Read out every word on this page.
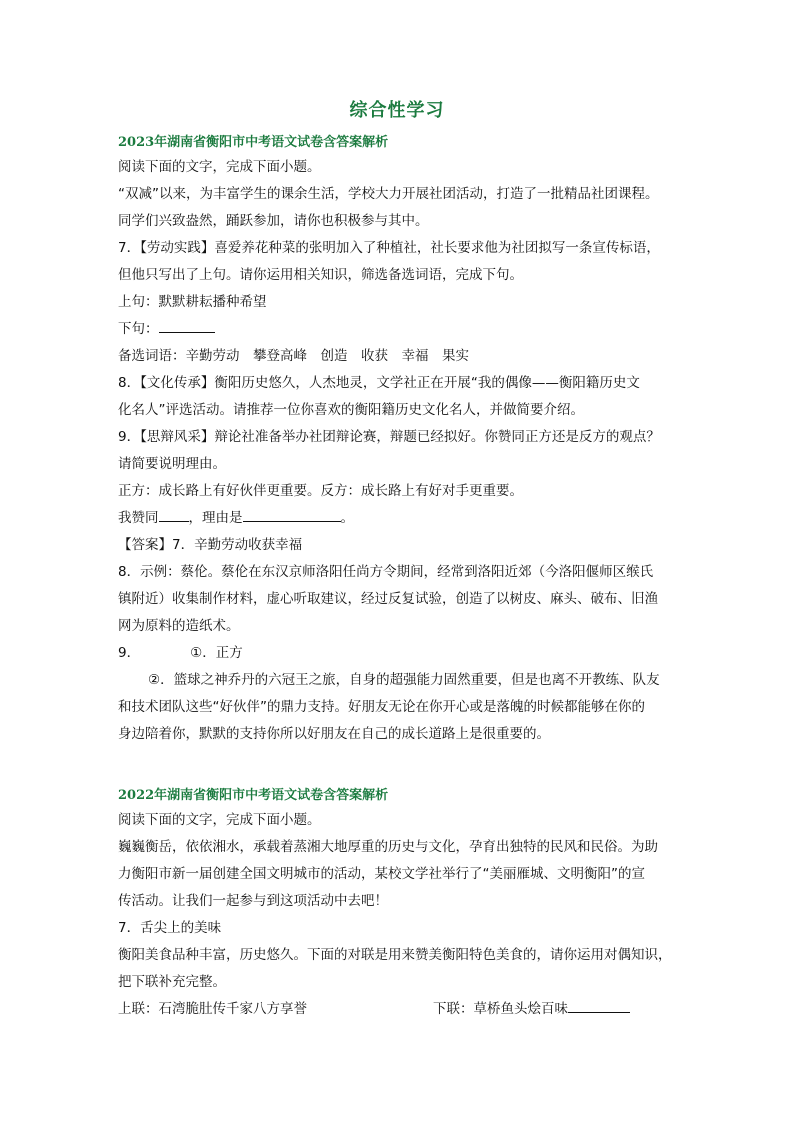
综合性学习

2023年湖南省衡阳市中考语文试卷含答案解析

阅读下面的文字，完成下面小题。

“双减”以来，为丰富学生的课余生活，学校大力开展社团活动，打造了一批精品社团课程。

同学们兴致盎然，踊跃参加，请你也积极参与其中。

7．【劳动实践】喜爱养花种菜的张明加入了种植社，社长要求他为社团拟写一条宣传标语，

但他只写出了上句。请你运用相关知识，筛选备选词语，完成下句。

上句：默默耕耘播种希望

下句：

备选词语：辛勤劳动　攀登高峰　创造　收获　幸福　果实

8．【文化传承】衡阳历史悠久，人杰地灵，文学社正在开展“我的偶像——衡阳籍历史文

化名人”评选活动。请推荐一位你喜欢的衡阳籍历史文化名人，并做简要介绍。

9．【思辩风采】辩论社准备举办社团辩论赛，辩题已经拟好。你赞同正方还是反方的观点？

请简要说明理由。

正方：成长路上有好伙伴更重要。反方：成长路上有好对手更重要。

我赞同 ，理由是	。

【答案】7．辛勤劳动收获幸福

8．示例：蔡伦。蔡伦在东汉京师洛阳任尚方令期间，经常到洛阳近郊（今洛阳偃师区缑氏

镇附近）收集制作材料，虚心听取建议，经过反复试验，创造了以树皮、麻头、破布、旧渔

网为原料的造纸术。

9．	①．正方

②．篮球之神乔丹的六冠王之旅，自身的超强能力固然重要，但是也离不开教练、队友

和技术团队这些“好伙伴”的鼎力支持。好朋友无论在你开心或是落魄的时候都能够在你的

身边陪着你，默默的支持你所以好朋友在自己的成长道路上是很重要的。

2022年湖南省衡阳市中考语文试卷含答案解析

阅读下面的文字，完成下面小题。

巍巍衡岳，依依湘水，承载着蒸湘大地厚重的历史与文化，孕育出独特的民风和民俗。为助

力衡阳市新一届创建全国文明城市的活动，某校文学社举行了“美丽雁城、文明衡阳”的宣

传活动。让我们一起参与到这项活动中去吧！

7．舌尖上的美味

衡阳美食品种丰富，历史悠久。下面的对联是用来赞美衡阳特色美食的，请你运用对偶知识，

把下联补充完整。

上联：石湾脆肚传千家八方享誉	下联：草桥鱼头烩百味
